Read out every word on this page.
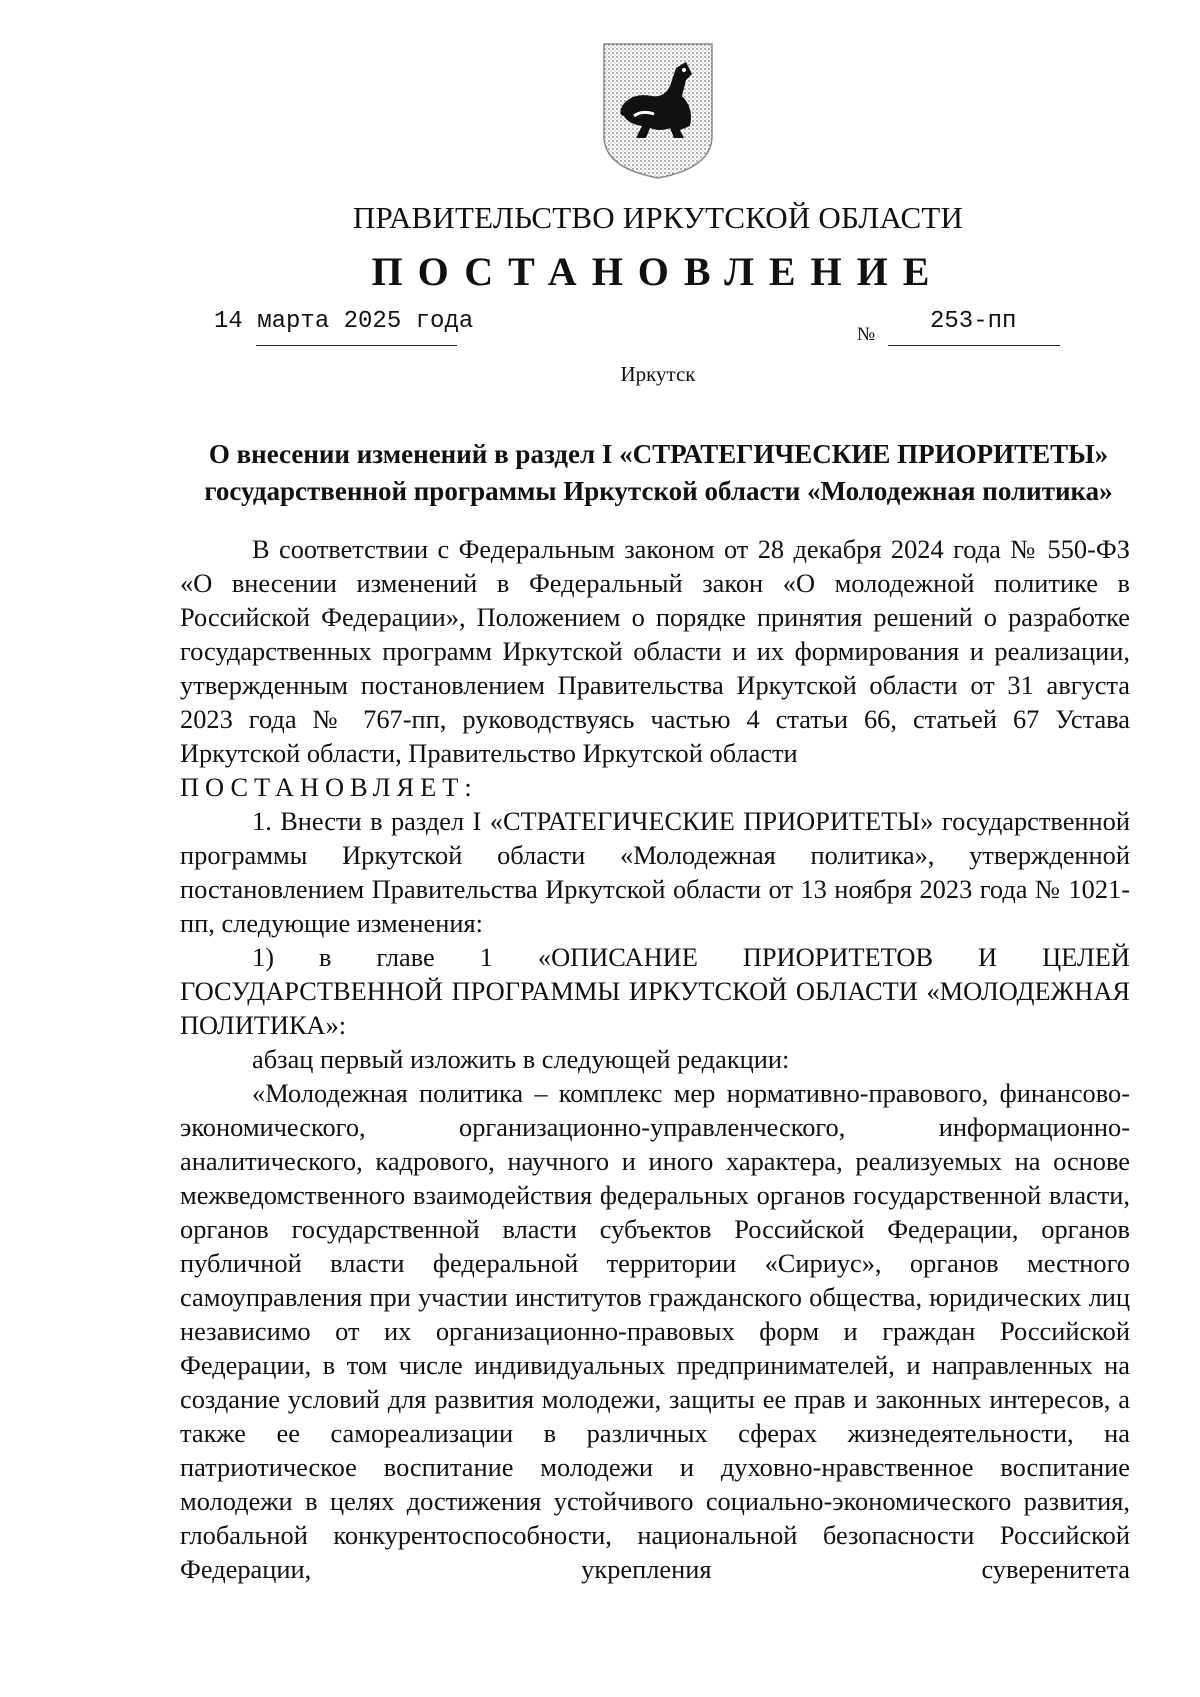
ПРАВИТЕЛЬСТВО ИРКУТСКОЙ ОБЛАСТИ
ПОСТАНОВЛЕНИЕ
14 марта 2025 года	№ 253-пп
Иркутск
О внесении изменений в раздел I «СТРАТЕГИЧЕСКИЕ ПРИОРИТЕТЫ»
государственной программы Иркутской области «Молодежная политика»

В соответствии с Федеральным законом от 28 декабря 2024 года № 550-ФЗ «О внесении изменений в Федеральный закон «О молодежной политике в Российской Федерации», Положением о порядке принятия решений о разработке государственных программ Иркутской области и их формирования и реализации, утвержденным постановлением Правительства Иркутской области от 31 августа 2023 года № 767-пп, руководствуясь частью 4 статьи 66, статьей 67 Устава Иркутской области, Правительство Иркутской области

ПОСТАНОВЛЯЕТ:

1. Внести в раздел I «СТРАТЕГИЧЕСКИЕ ПРИОРИТЕТЫ» государственной программы Иркутской области «Молодежная политика», утвержденной постановлением Правительства Иркутской области от 13 ноября 2023 года № 1021-пп, следующие изменения:

1) в главе 1 «ОПИСАНИЕ ПРИОРИТЕТОВ И ЦЕЛЕЙ ГОСУДАРСТВЕННОЙ ПРОГРАММЫ ИРКУТСКОЙ ОБЛАСТИ «МОЛОДЕЖНАЯ ПОЛИТИКА»:

абзац первый изложить в следующей редакции:

«Молодежная политика – комплекс мер нормативно-правового, финансово-экономического, организационно-управленческого, информационно-аналитического, кадрового, научного и иного характера, реализуемых на основе межведомственного взаимодействия федеральных органов государственной власти, органов государственной власти субъектов Российской Федерации, органов публичной власти федеральной территории «Сириус», органов местного самоуправления при участии институтов гражданского общества, юридических лиц независимо от их организационно-правовых форм и граждан Российской Федерации, в том числе индивидуальных предпринимателей, и направленных на создание условий для развития молодежи, защиты ее прав и законных интересов, а также ее самореализации в различных сферах жизнедеятельности, на патриотическое воспитание молодежи и духовно-нравственное воспитание молодежи в целях достижения устойчивого социально-экономического развития, глобальной конкурентоспособности, национальной безопасности Российской Федерации, укрепления суверенитета
